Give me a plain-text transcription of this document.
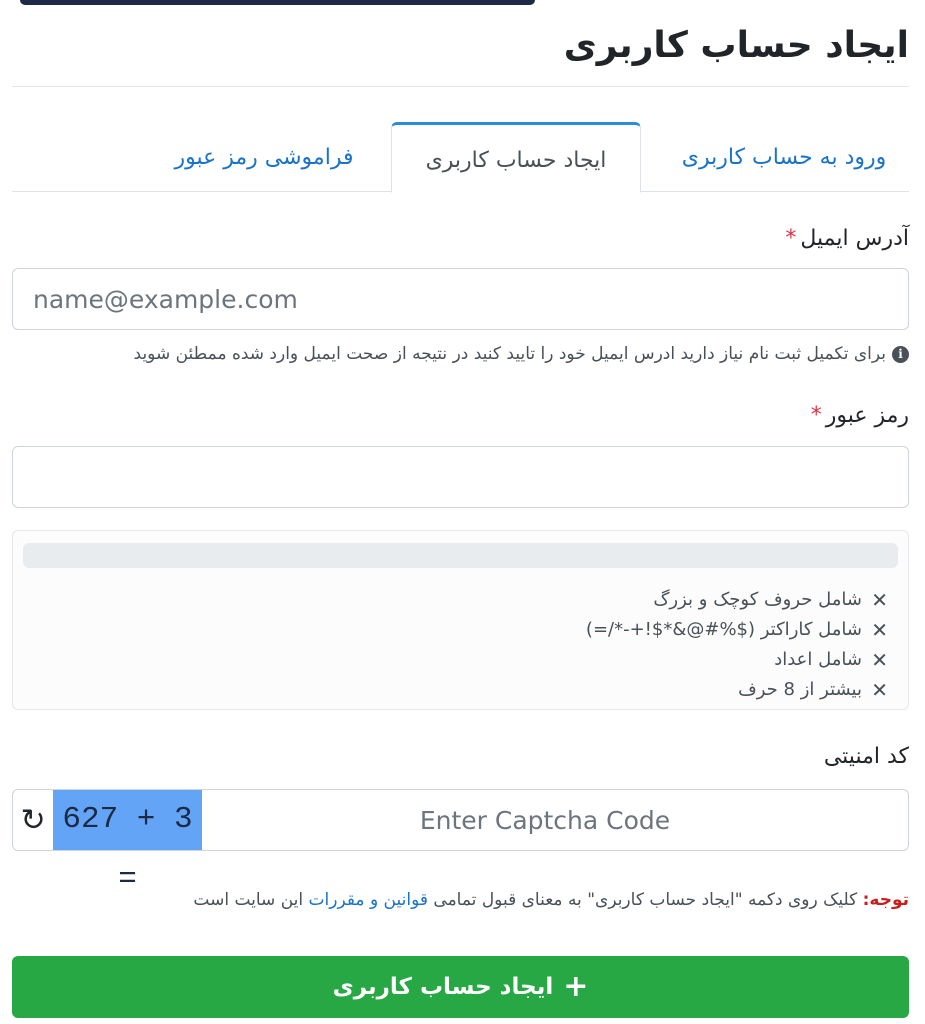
ایجاد حساب کاربری
ورود به حساب کاربری
ایجاد حساب کاربری
فراموشی رمز عبور
آدرس ایمیل*
name@example.com
i
برای تکمیل ثبت نام نیاز دارید ادرس ایمیل خود را تایید کنید در نتیجه از صحت ایمیل وارد شده ممطئن شوید
رمز عبور*
✕
شامل حروف کوچک و بزرگ
✕
شامل کاراکتر ($%#@&*$!+-*/=)
✕
شامل اعداد
✕
بیشتر از 8 حرف
کد امنیتی
↻ 627 + 3 =
Enter Captcha Code

توجه: کلیک روی دکمه "ایجاد حساب کاربری" به معنای قبول تمامی قوانین و مقررات این سایت است

+
ایجاد حساب کاربری
